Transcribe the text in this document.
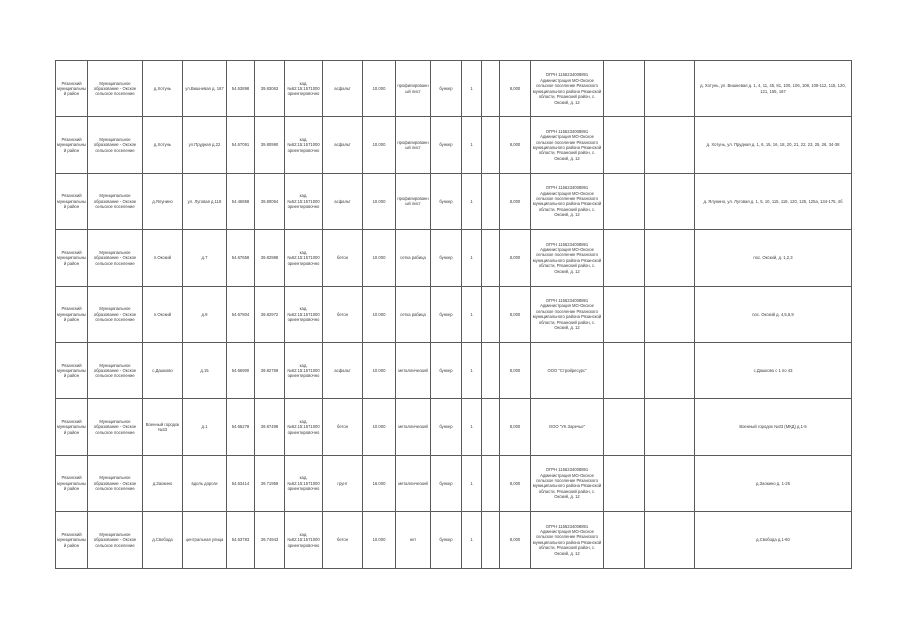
Рязанский муниципальный район	Муниципальное образование - Окское сельское поселение	д.Хотунь	ул.Вишневая д. 167	54.63898	39.83063	кад.№62:15:1571000 ориентировочно	асфальт	10.000	профилированный лист	бункер	1		8,000	ОГРН 1156234008891 Администрация МО-Окское сельское поселение Рязанского муниципального района Рязанской области, Рязанский район, с. Окский, д. 12			д. Хотунь, ул. Вишневая д. 1, 4, 11, 45, 81, 100, 106, 108, 108-112, 115, 120, 121, 155, 167
Рязанский муниципальный район	Муниципальное образование - Окское сельское поселение	д.Хотунь	ул.Прудная д.22	54.67091	39.80990	кад.№62:15:1571000 ориентировочно	асфальт	10.000	профилированный лист	бункер	1		8,000	ОГРН 1156234008891 Администрация МО-Окское сельское поселение Рязанского муниципального района Рязанской области, Рязанский район, с. Окский, д. 12			д. Хотунь, ул. Прудная д. 1, 6, 15, 16, 18, 20, 21, 22, 23, 25, 26, 34-38
Рязанский муниципальный район	Муниципальное образование - Окское сельское поселение	д.Ялунино	ул. Луговая д.118	54.46858	39.80064	кад.№62:15:1571000 ориентировочно	асфальт	10.000	профилированный лист	бункер	1		8,000	ОГРН 1156234008891 Администрация МО-Окское сельское поселение Рязанского муниципального района Рязанской области, Рязанский район, с. Окский, д. 12			д. Ялунино, ул. Луговая д. 1, 5, 10, 115, 119, 120, 125, 125а, 134-175, 4б
Рязанский муниципальный район	Муниципальное образование - Окское сельское поселение	п.Окский	д.7	54.67658	39.82988	кад.№62:15:1571000 ориентировочно	бетон	10.000	сетка рабица	бункер	1		8,000	ОГРН 1156234008891 Администрация МО-Окское сельское поселение Рязанского муниципального района Рязанской области, Рязанский район, с. Окский, д. 12			пос. Окский, д. 1,2,3
Рязанский муниципальный район	Муниципальное образование - Окское сельское поселение	п.Окский	д.9	54.67804	39.82972	кад.№62:15:1571000 ориентировочно	бетон	10.000	сетка рабица	бункер	1		8,000	ОГРН 1156234008891 Администрация МО-Окское сельское поселение Рязанского муниципального района Рязанской области, Рязанский район, с. Окский, д. 12			пос. Окский д. 4,5,6,9
Рязанский муниципальный район	Муниципальное образование - Окское сельское поселение	с.Дашково	д.15	54.66900	39.82769	кад.№62:15:1571000 ориентировочно	асфальт	10.000	металлический	бункер	1		8,000	ООО "Стройресурс"			с.Дашково с 1 по 43
Рязанский муниципальный район	Муниципальное образование - Окское сельское поселение	Военный городок №33	д.1	54.66278	39.87498	кад.№62:15:1571000 ориентировочно	бетон	10.000	металлический	бункер	1		8,000	ООО "УК Заречье"			Военный городок №33 (МКД) д.1-5
Рязанский муниципальный район	Муниципальное образование - Окское сельское поселение	д.Заокино	вдоль дороги	54.63414	39.71959	кад.№62:15:1571000 ориентировочно	грунт	16.000	металлический	бункер	1		8,000	ОГРН 1156234008891 Администрация МО-Окское сельское поселение Рязанского муниципального района Рязанской области, Рязанский район, с. Окский, д. 12			д.Заокино д. 1-25
Рязанский муниципальный район	Муниципальное образование - Окское сельское поселение	д.Свобода	центральная улица	54.63783	39.74943	кад.№62:15:1571000 ориентировочно	бетон	10.000	нет	бункер	1		8,000	ОГРН 1156234008891 Администрация МО-Окское сельское поселение Рязанского муниципального района Рязанской области, Рязанский район, с. Окский, д. 12			д.Свобода д.1-60
